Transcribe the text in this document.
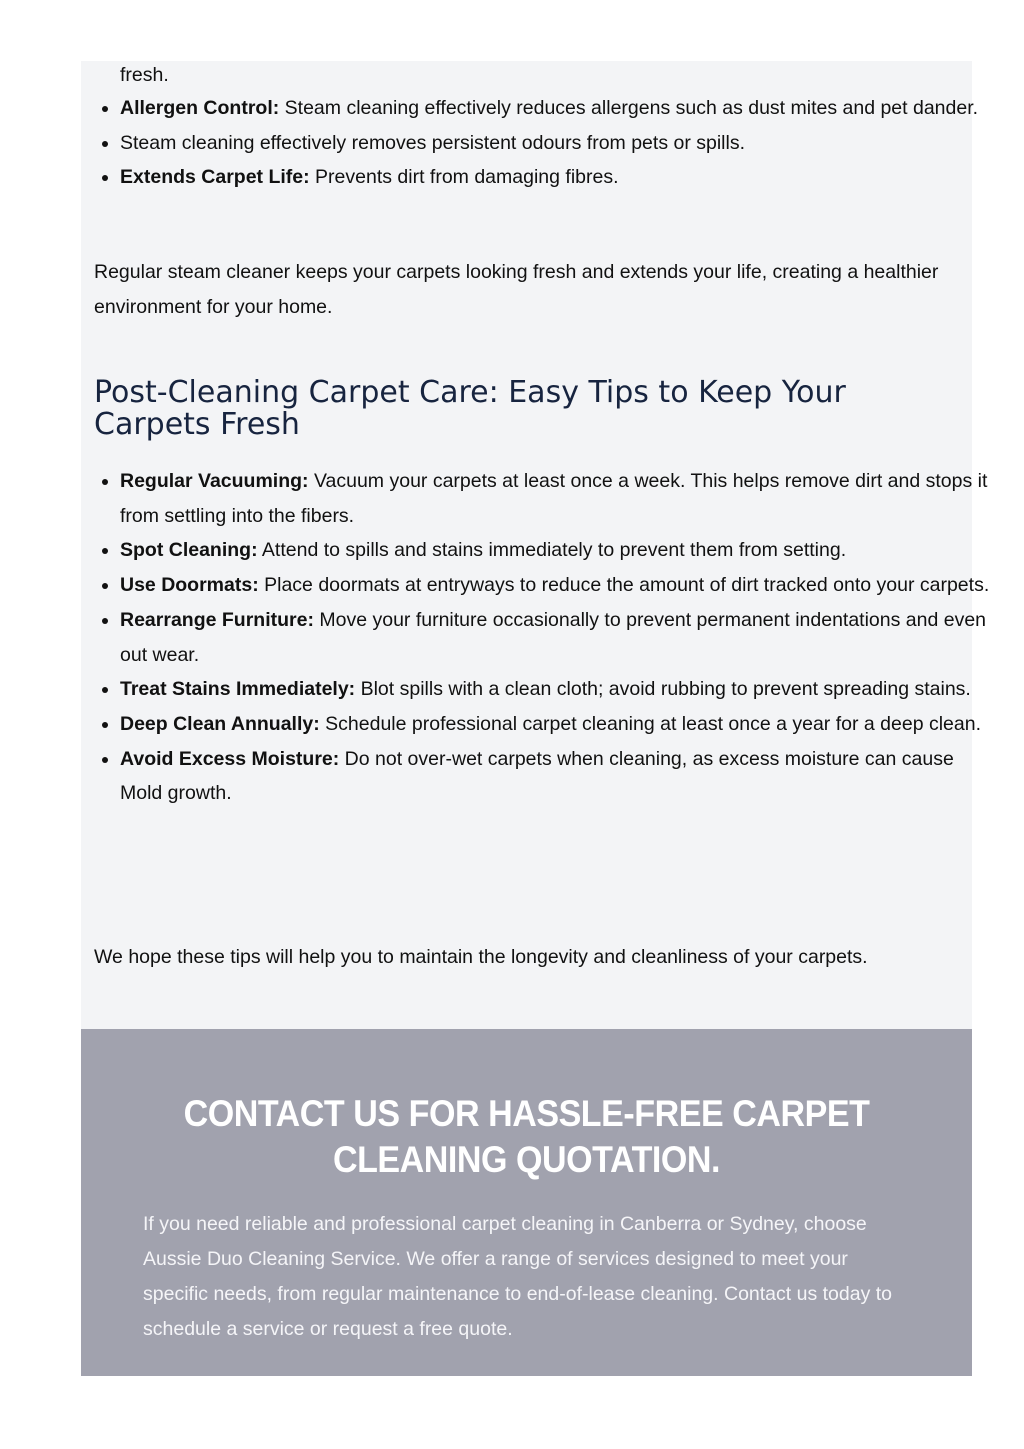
fresh.

• Allergen Control: Steam cleaning effectively reduces allergens such as dust mites and pet dander.
• Steam cleaning effectively removes persistent odours from pets or spills.
• Extends Carpet Life: Prevents dirt from damaging fibres.

Regular steam cleaner keeps your carpets looking fresh and extends your life, creating a healthier environment for your home.

Post-Cleaning Carpet Care: Easy Tips to Keep Your Carpets Fresh
• Regular Vacuuming: Vacuum your carpets at least once a week. This helps remove dirt and stops it from settling into the fibers.
• Spot Cleaning: Attend to spills and stains immediately to prevent them from setting.
• Use Doormats: Place doormats at entryways to reduce the amount of dirt tracked onto your carpets.
• Rearrange Furniture: Move your furniture occasionally to prevent permanent indentations and even out wear.
• Treat Stains Immediately: Blot spills with a clean cloth; avoid rubbing to prevent spreading stains.
• Deep Clean Annually: Schedule professional carpet cleaning at least once a year for a deep clean.
• Avoid Excess Moisture: Do not over-wet carpets when cleaning, as excess moisture can cause Mold growth.

We hope these tips will help you to maintain the longevity and cleanliness of your carpets.

CONTACT US FOR HASSLE-FREE CARPET CLEANING QUOTATION.

If you need reliable and professional carpet cleaning in Canberra or Sydney, choose Aussie Duo Cleaning Service. We offer a range of services designed to meet your specific needs, from regular maintenance to end-of-lease cleaning. Contact us today to schedule a service or request a free quote.
